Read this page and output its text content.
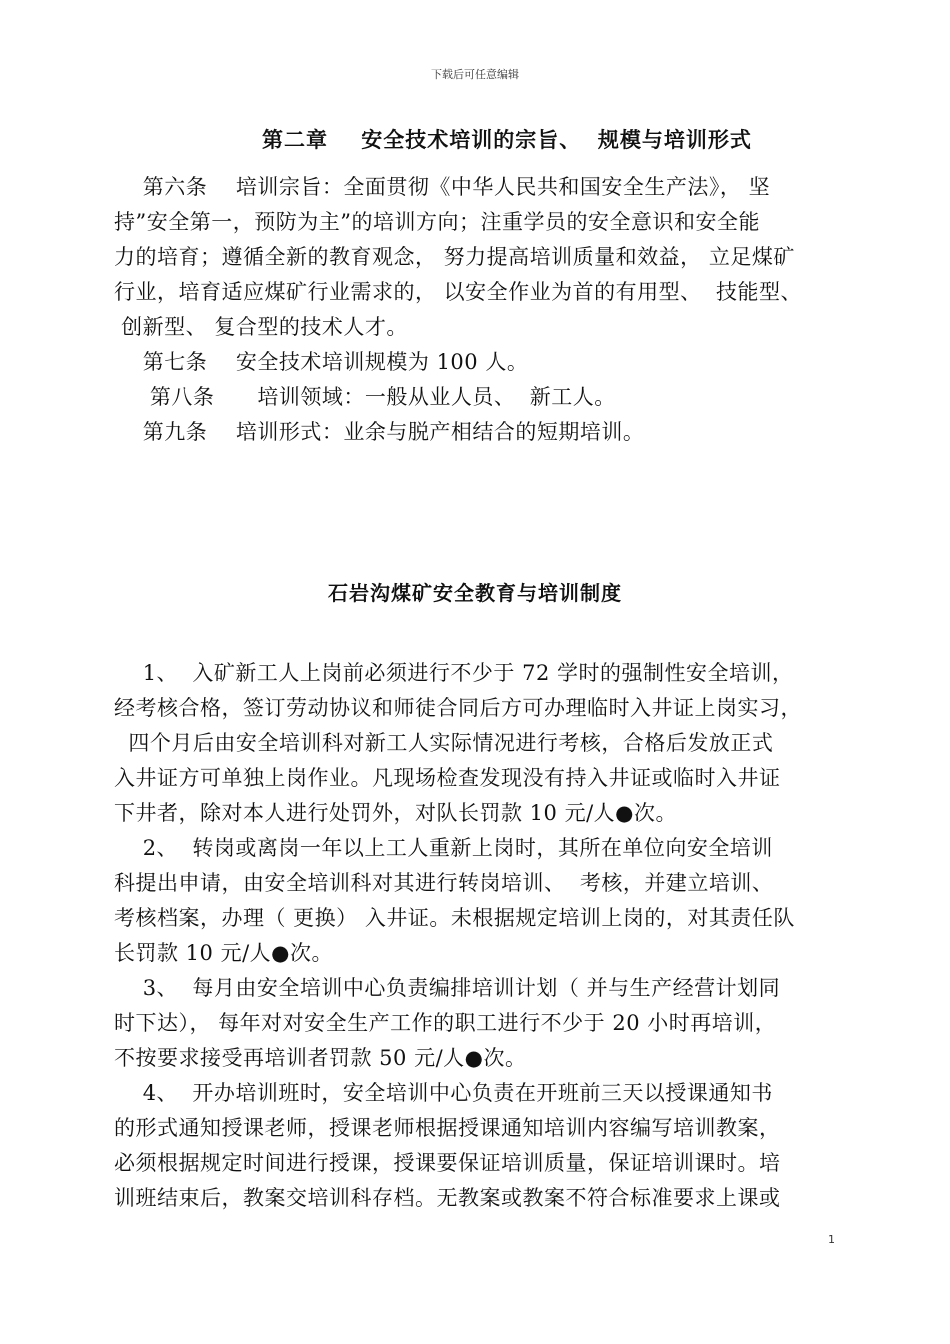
下载后可任意编辑
第二章    安全技术培训的宗旨、  规模与培训形式
第六条    培训宗旨：全面贯彻《中华人民共和国安全生产法》， 坚
持”安全第一，预防为主”的培训方向；注重学员的安全意识和安全能
力的培育；遵循全新的教育观念， 努力提高培训质量和效益， 立足煤矿
行业，培育适应煤矿行业需求的， 以安全作业为首的有用型、  技能型、
创新型、 复合型的技术人才。
第七条    安全技术培训规模为 100 人。
第八条      培训领域：一般从业人员、  新工人。
第九条    培训形式：业余与脱产相结合的短期培训。
石岩沟煤矿安全教育与培训制度
1、  入矿新工人上岗前必须进行不少于 72 学时的强制性安全培训，
经考核合格，签订劳动协议和师徒合同后方可办理临时入井证上岗实习，
四个月后由安全培训科对新工人实际情况进行考核，合格后发放正式
入井证方可单独上岗作业。凡现场检查发现没有持入井证或临时入井证
下井者，除对本人进行处罚外，对队长罚款 10 元/人●次。
2、  转岗或离岗一年以上工人重新上岗时，其所在单位向安全培训
科提出申请，由安全培训科对其进行转岗培训、  考核，并建立培训、
考核档案，办理（ 更换） 入井证。未根据规定培训上岗的，对其责任队
长罚款 10 元/人●次。
3、  每月由安全培训中心负责编排培训计划（ 并与生产经营计划同
时下达）， 每年对对安全生产工作的职工进行不少于 20 小时再培训，
不按要求接受再培训者罚款 50 元/人●次。
4、  开办培训班时，安全培训中心负责在开班前三天以授课通知书
的形式通知授课老师，授课老师根据授课通知培训内容编写培训教案，
必须根据规定时间进行授课，授课要保证培训质量，保证培训课时。培
训班结束后，教案交培训科存档。无教案或教案不符合标准要求上课或
1
